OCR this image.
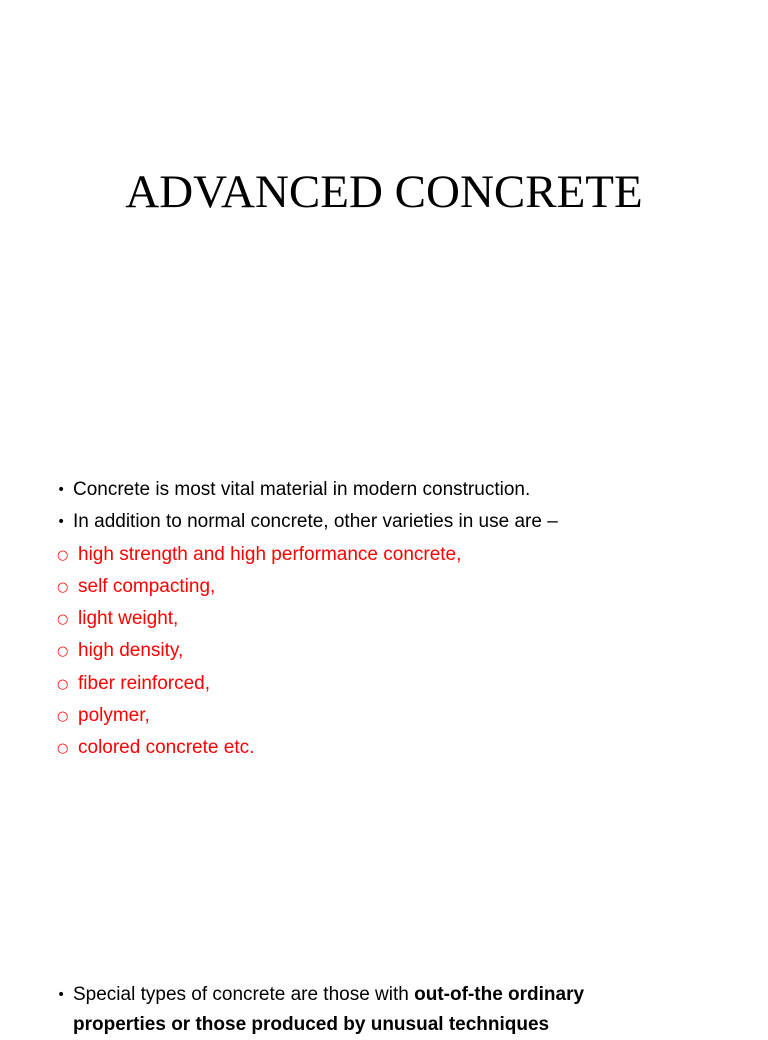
ADVANCED CONCRETE
• Concrete is most vital material in modern construction.
• In addition to normal concrete, other varieties in use are –
○ high strength and high performance concrete,
○ self compacting,
○ light weight,
○ high density,
○ fiber reinforced,
○ polymer,
○ colored concrete etc.
• Special types of concrete are those with out-of-the ordinary
properties or those produced by unusual techniques
